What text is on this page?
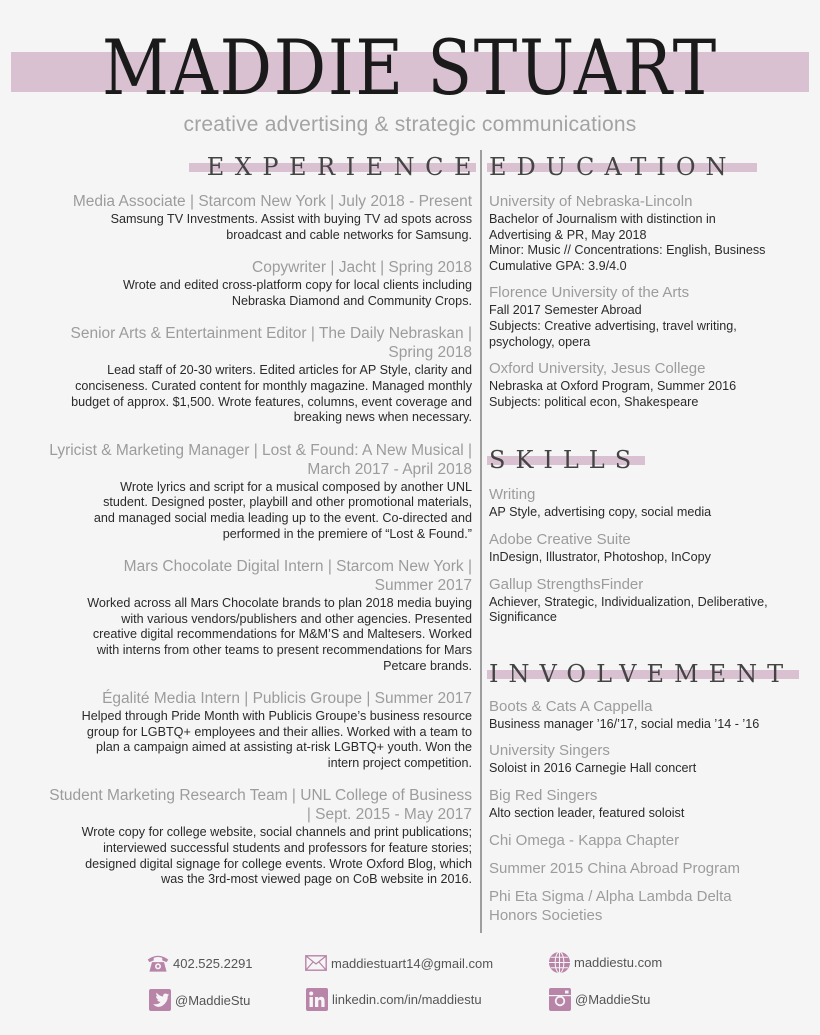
MADDIE STUART
creative advertising & strategic communications
EXPERIENCE
Media Associate | Starcom New York | July 2018 - Present
Samsung TV Investments. Assist with buying TV ad spots across
broadcast and cable networks for Samsung.
Copywriter | Jacht | Spring 2018
Wrote and edited cross-platform copy for local clients including
Nebraska Diamond and Community Crops.
Senior Arts & Entertainment Editor | The Daily Nebraskan |
Spring 2018
Lead staff of 20-30 writers. Edited articles for AP Style, clarity and
conciseness. Curated content for monthly magazine. Managed monthly
budget of approx. $1,500. Wrote features, columns, event coverage and
breaking news when necessary.
Lyricist & Marketing Manager | Lost & Found: A New Musical |
March 2017 - April 2018
Wrote lyrics and script for a musical composed by another UNL
student. Designed poster, playbill and other promotional materials,
and managed social media leading up to the event. Co-directed and
performed in the premiere of “Lost & Found.”
Mars Chocolate Digital Intern | Starcom New York |
Summer 2017
Worked across all Mars Chocolate brands to plan 2018 media buying
with various vendors/publishers and other agencies. Presented
creative digital recommendations for M&M’S and Maltesers. Worked
with interns from other teams to present recommendations for Mars
Petcare brands.
Égalité Media Intern | Publicis Groupe | Summer 2017
Helped through Pride Month with Publicis Groupe’s business resource
group for LGBTQ+ employees and their allies. Worked with a team to
plan a campaign aimed at assisting at-risk LGBTQ+ youth. Won the
intern project competition.
Student Marketing Research Team | UNL College of Business
| Sept. 2015 - May 2017
Wrote copy for college website, social channels and print publications;
interviewed successful students and professors for feature stories;
designed digital signage for college events. Wrote Oxford Blog, which
was the 3rd-most viewed page on CoB website in 2016.
EDUCATION
University of Nebraska-Lincoln
Bachelor of Journalism with distinction in
Advertising & PR, May 2018
Minor: Music // Concentrations: English, Business
Cumulative GPA: 3.9/4.0
Florence University of the Arts
Fall 2017 Semester Abroad
Subjects: Creative advertising, travel writing,
psychology, opera
Oxford University, Jesus College
Nebraska at Oxford Program, Summer 2016
Subjects: political econ, Shakespeare
SKILLS
Writing
AP Style, advertising copy, social media
Adobe Creative Suite
InDesign, Illustrator, Photoshop, InCopy
Gallup StrengthsFinder
Achiever, Strategic, Individualization, Deliberative,
Significance
INVOLVEMENT
Boots & Cats A Cappella
Business manager ’16/’17, social media ’14 - ’16
University Singers
Soloist in 2016 Carnegie Hall concert
Big Red Singers
Alto section leader, featured soloist
Chi Omega - Kappa Chapter
Summer 2015 China Abroad Program
Phi Eta Sigma / Alpha Lambda Delta
Honors Societies
402.525.2291	maddiestuart14@gmail.com	maddiestu.com
@MaddieStu	linkedin.com/in/maddiestu	@MaddieStu
